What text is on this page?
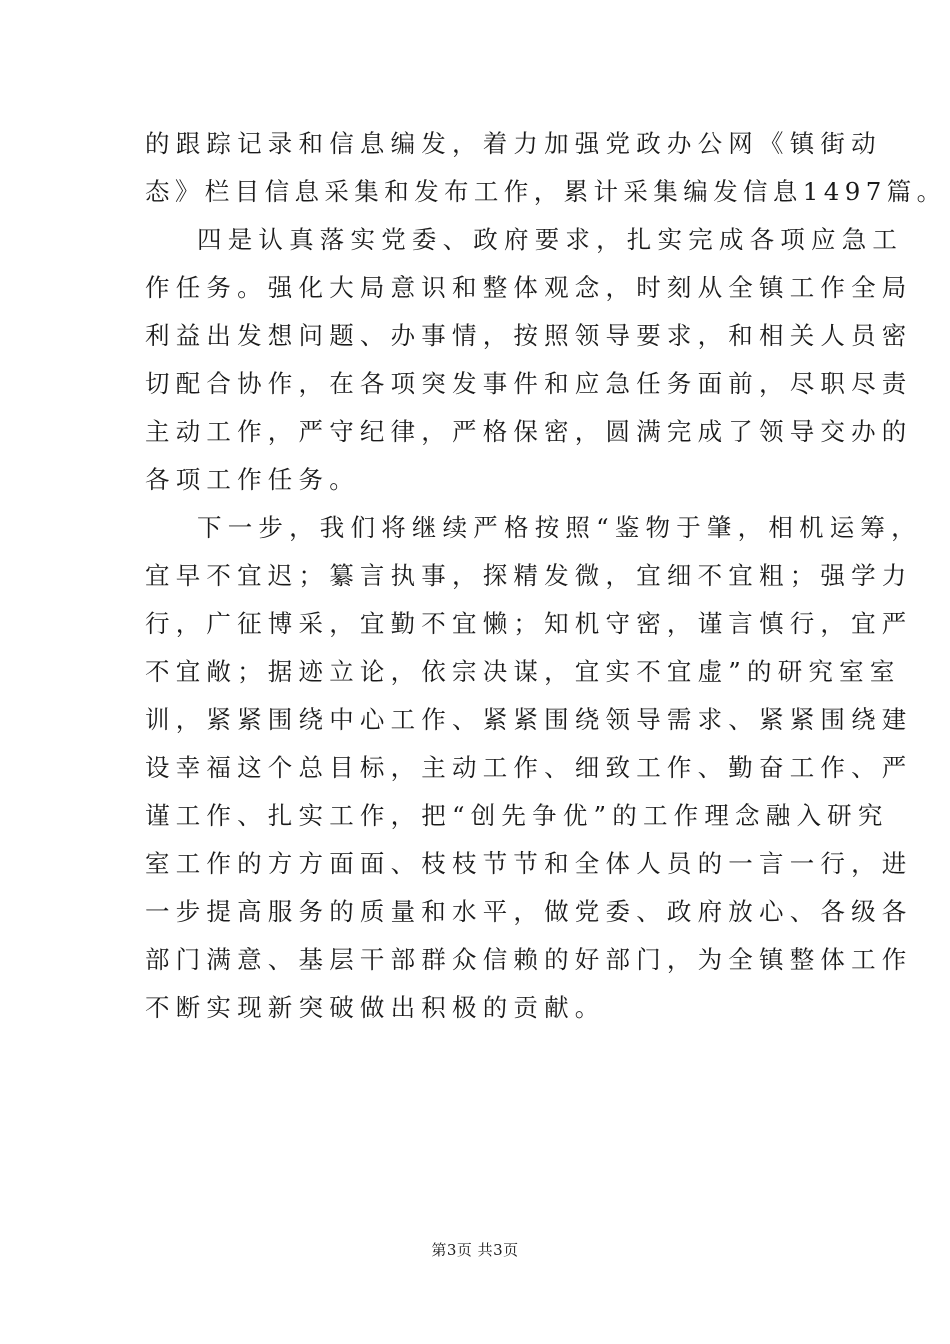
的跟踪记录和信息编发，着力加强党政办公网《镇街动
态》栏目信息采集和发布工作，累计采集编发信息1497篇。
四是认真落实党委、政府要求，扎实完成各项应急工
作任务。强化大局意识和整体观念，时刻从全镇工作全局
利益出发想问题、办事情，按照领导要求，和相关人员密
切配合协作，在各项突发事件和应急任务面前，尽职尽责
主动工作，严守纪律，严格保密，圆满完成了领导交办的
各项工作任务。
下一步，我们将继续严格按照“鉴物于肇，相机运筹，
宜早不宜迟；纂言执事，探精发微，宜细不宜粗；强学力
行，广征博采，宜勤不宜懒；知机守密，谨言慎行，宜严
不宜敞；据迹立论，依宗决谋，宜实不宜虚”的研究室室
训，紧紧围绕中心工作、紧紧围绕领导需求、紧紧围绕建
设幸福这个总目标，主动工作、细致工作、勤奋工作、严
谨工作、扎实工作，把“创先争优”的工作理念融入研究
室工作的方方面面、枝枝节节和全体人员的一言一行，进
一步提高服务的质量和水平，做党委、政府放心、各级各
部门满意、基层干部群众信赖的好部门，为全镇整体工作
不断实现新突破做出积极的贡献。
第3页 共3页
